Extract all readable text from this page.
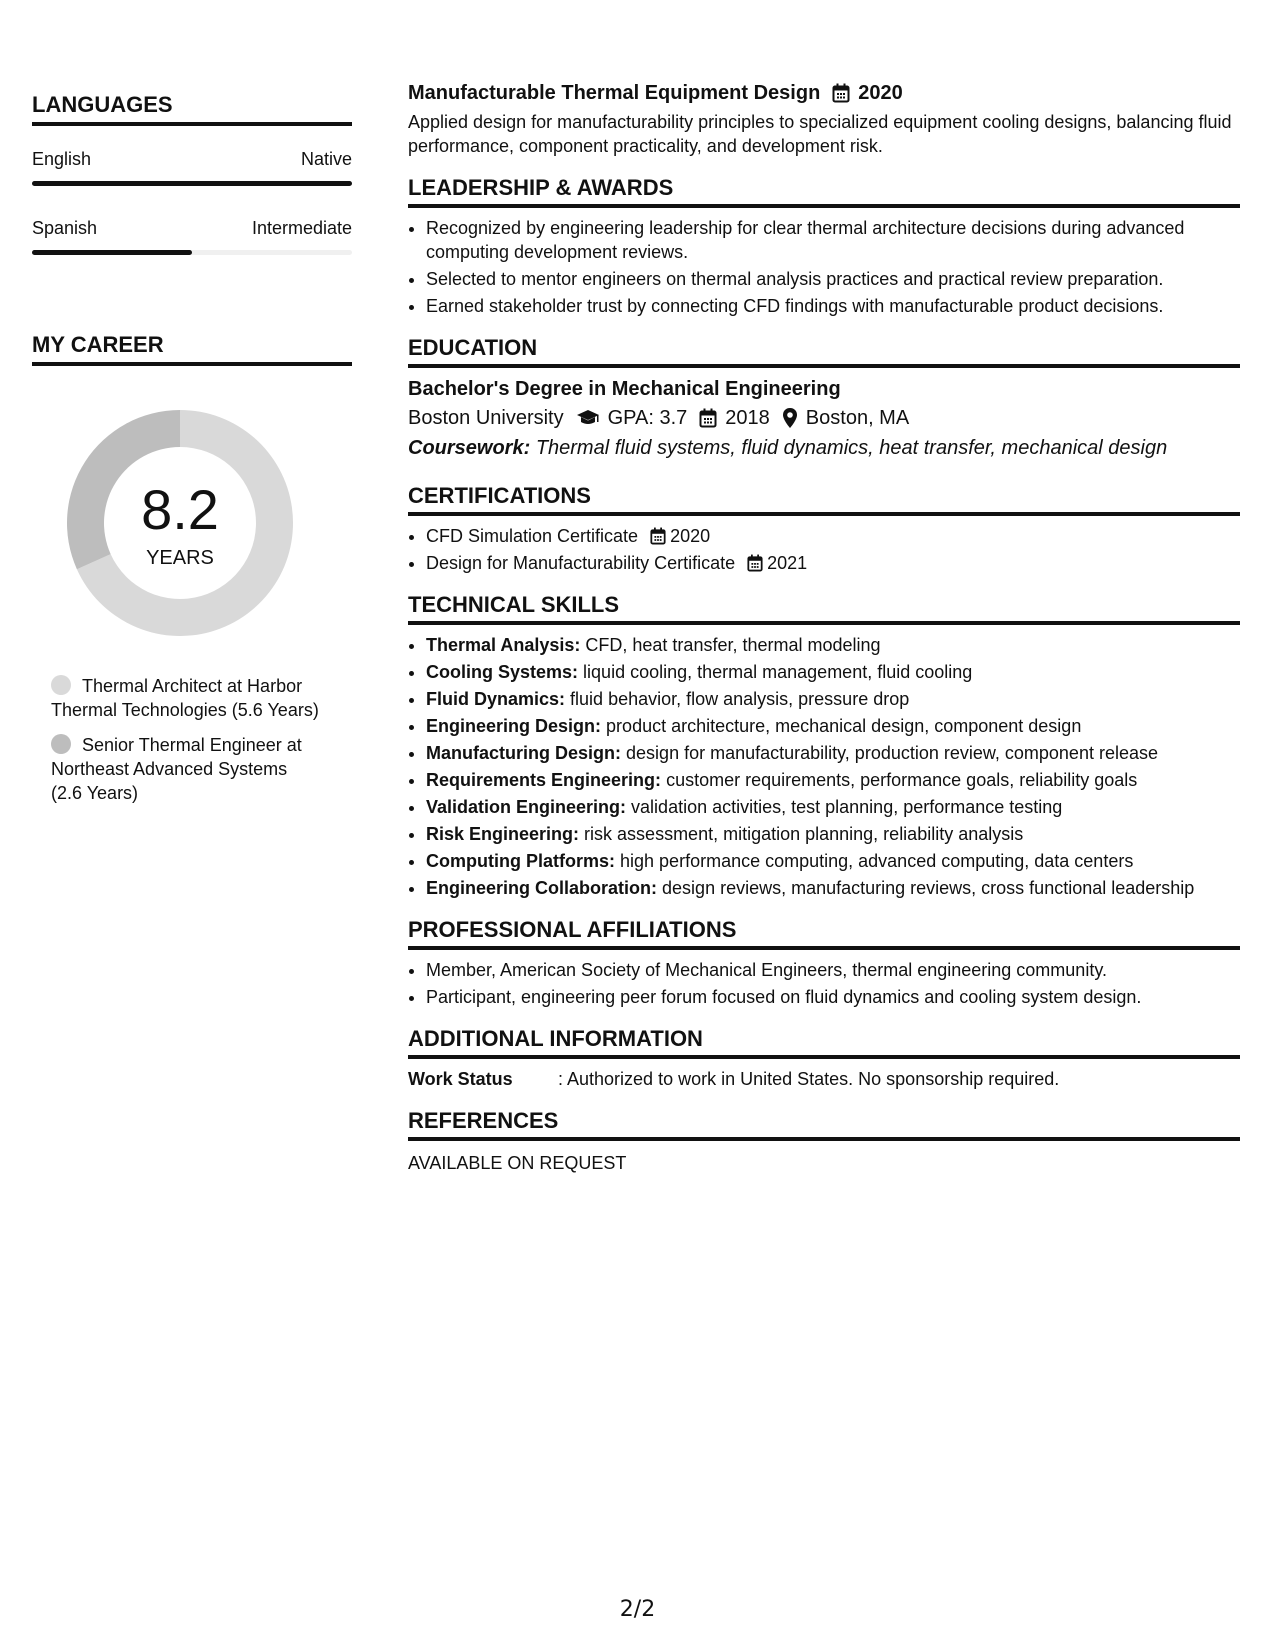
LANGUAGES
English	Native
Spanish	Intermediate
MY CAREER
8.2
YEARS
Thermal Architect at Harbor Thermal Technologies (5.6 Years)
Senior Thermal Engineer at Northeast Advanced Systems (2.6 Years)
Manufacturable Thermal Equipment Design 2020
Applied design for manufacturability principles to specialized equipment cooling designs, balancing fluid performance, component practicality, and development risk.
LEADERSHIP & AWARDS
• Recognized by engineering leadership for clear thermal architecture decisions during advanced computing development reviews.
• Selected to mentor engineers on thermal analysis practices and practical review preparation.
• Earned stakeholder trust by connecting CFD findings with manufacturable product decisions.
EDUCATION
Bachelor's Degree in Mechanical Engineering
Boston University GPA: 3.7 2018 Boston, MA
Coursework: Thermal fluid systems, fluid dynamics, heat transfer, mechanical design
CERTIFICATIONS
• CFD Simulation Certificate 2020
• Design for Manufacturability Certificate 2021
TECHNICAL SKILLS
• Thermal Analysis: CFD, heat transfer, thermal modeling
• Cooling Systems: liquid cooling, thermal management, fluid cooling
• Fluid Dynamics: fluid behavior, flow analysis, pressure drop
• Engineering Design: product architecture, mechanical design, component design
• Manufacturing Design: design for manufacturability, production review, component release
• Requirements Engineering: customer requirements, performance goals, reliability goals
• Validation Engineering: validation activities, test planning, performance testing
• Risk Engineering: risk assessment, mitigation planning, reliability analysis
• Computing Platforms: high performance computing, advanced computing, data centers
• Engineering Collaboration: design reviews, manufacturing reviews, cross functional leadership
PROFESSIONAL AFFILIATIONS
• Member, American Society of Mechanical Engineers, thermal engineering community.
• Participant, engineering peer forum focused on fluid dynamics and cooling system design.
ADDITIONAL INFORMATION
Work Status	: Authorized to work in United States. No sponsorship required.
REFERENCES
AVAILABLE ON REQUEST
2/2
